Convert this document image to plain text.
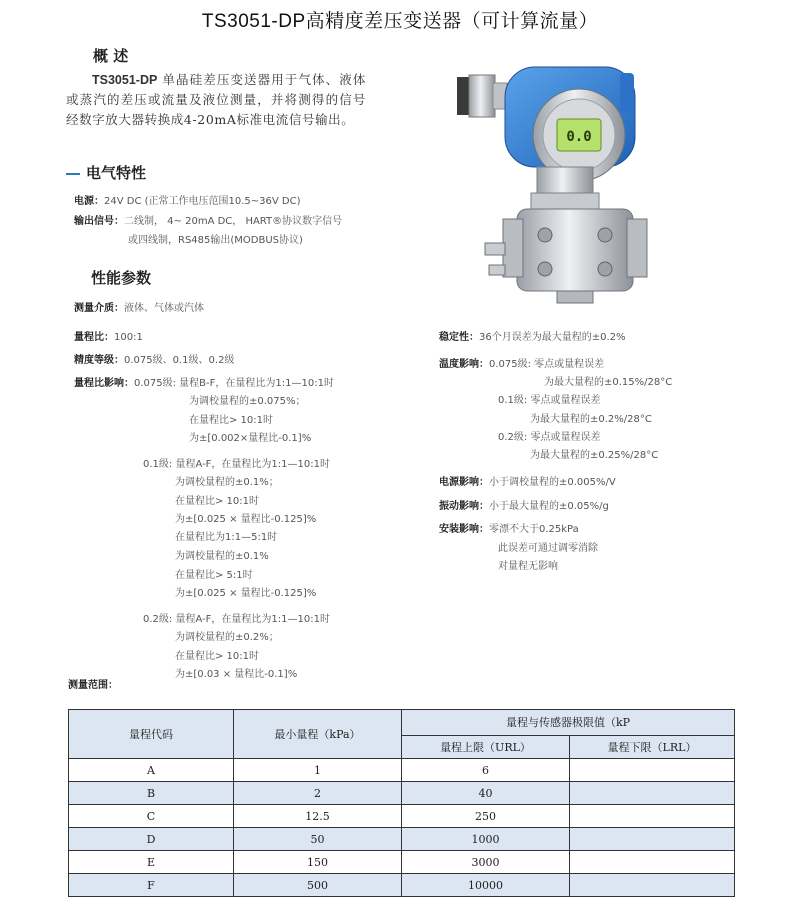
TS3051-DP高精度差压变送器（可计算流量）
概 述
TS3051-DP 单晶硅差压变送器用于气体、液体或蒸汽的差压或流量及液位测量，并将测得的信号经数字放大器转换成4-20mA标准电流信号输出。
电气特性
电源：24V DC (正常工作电压范围10.5~36V DC)
输出信号：二线制， 4~ 20mA DC， HART®协议数字信号
或四线制，RS485输出(MODBUS协议)
性能参数
测量介质：液体、气体或汽体
量程比：100:1
精度等级：0.075级、0.1级、0.2级
量程比影响：0.075级: 量程B-F，在量程比为1:1—10:1时
为调校量程的±0.075%；
在量程比> 10:1时
为±[0.002×量程比-0.1]%
0.1级: 量程A-F，在量程比为1:1—10:1时
为调校量程的±0.1%；
在量程比> 10:1时
为±[0.025 × 量程比-0.125]%
在量程比为1:1—5:1时
为调校量程的±0.1%
在量程比> 5:1时
为±[0.025 × 量程比-0.125]%
0.2级: 量程A-F，在量程比为1:1—10:1时
为调校量程的±0.2%；
在量程比> 10:1时
为±[0.03 × 量程比-0.1]%
测量范围：
稳定性：36个月误差为最大量程的±0.2%
温度影响：0.075级: 零点或量程误差
为最大量程的±0.15%/28°C
0.1级: 零点或量程误差
为最大量程的±0.2%/28°C
0.2级: 零点或量程误差
为最大量程的±0.25%/28°C
电源影响：小于调校量程的±0.005%/V
振动影响：小于最大量程的±0.05%/g
安装影响：零漂不大于0.25kPa
此误差可通过调零消除
对量程无影响
0.0
量程代码	最小量程（kPa）	量程与传感器极限值（kP	
		量程上限（URL）	量程下限（LRL）
A	1	6	
B	2	40	
C	12.5	250	
D	50	1000	
E	150	3000	
F	500	10000	
